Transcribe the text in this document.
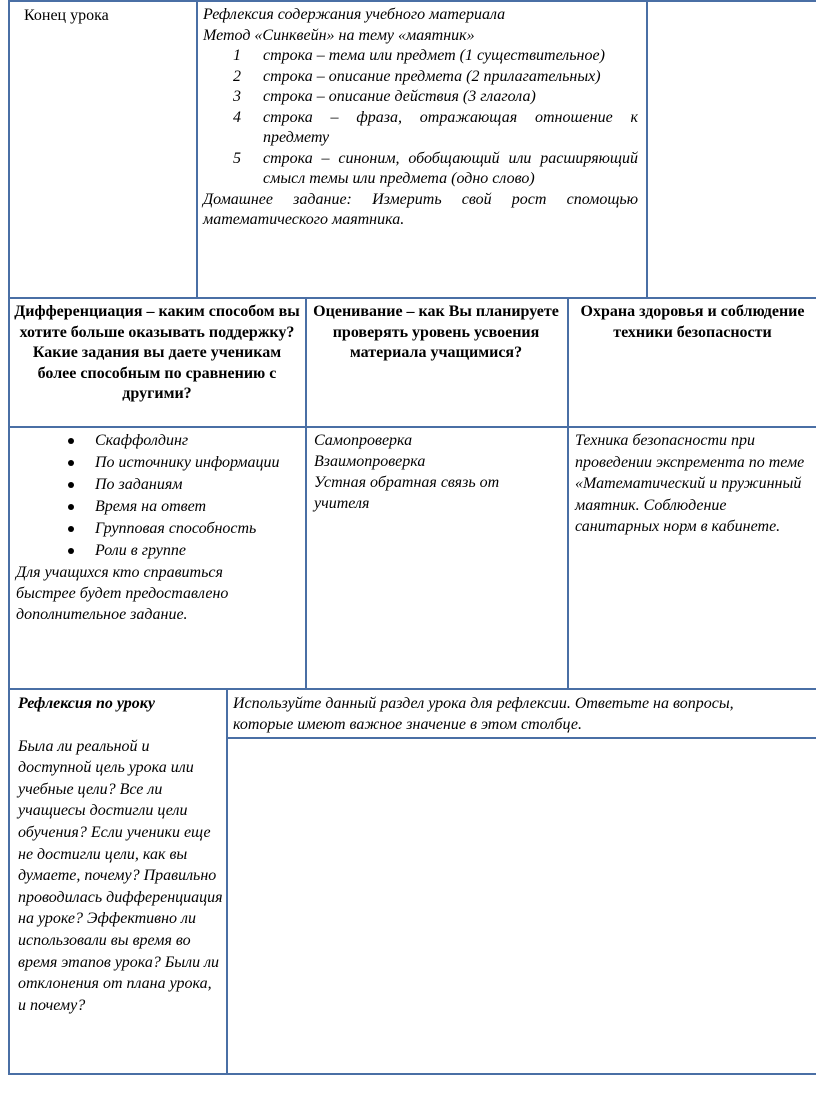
Конец урока	Рефлексия содержания учебного материала
Метод «Синквейн» на тему «маятник»
1 строка – тема или предмет (1 существительное)
2 строка – описание предмета (2 прилагательных)
3 строка – описание действия (3 глагола)
4 строка – фраза, отражающая отношение к предмету
5 строка – синоним, обобщающий или расширяющий смысл темы или предмета (одно слово)
Домашнее задание: Измерить свой рост спомощью математического маятника.
Дифференциация – каким способом вы хотите больше оказывать поддержку? Какие задания вы даете ученикам более способным по сравнению с другими?
Оценивание – как Вы планируете проверять уровень усвоения материала учащимися?
Охрана здоровья и соблюдение техники безопасности
Скаффолдинг
По источнику информации
По заданиям
Время на ответ
Групповая способность
Роли в группе
Для учащихся кто справиться быстрее будет предоставлено дополнительное задание.
Самопроверка
Взаимопроверка
Устная обратная связь от учителя
Техника безопасности при проведении экспремента по теме «Математический и пружинный маятник. Соблюдение санитарных норм в кабинете.
Рефлексия по уроку
Была ли реальной и доступной цель урока или учебные цели? Все ли учащиесы достигли цели обучения? Если ученики еще не достигли цели, как вы думаете, почему? Правильно проводилась дифференциация на уроке? Эффективно ли использовали вы время во время этапов урока? Были ли отклонения от плана урока, и почему?
Используйте данный раздел урока для рефлексии. Ответьте на вопросы, которые имеют важное значение в этом столбце.
